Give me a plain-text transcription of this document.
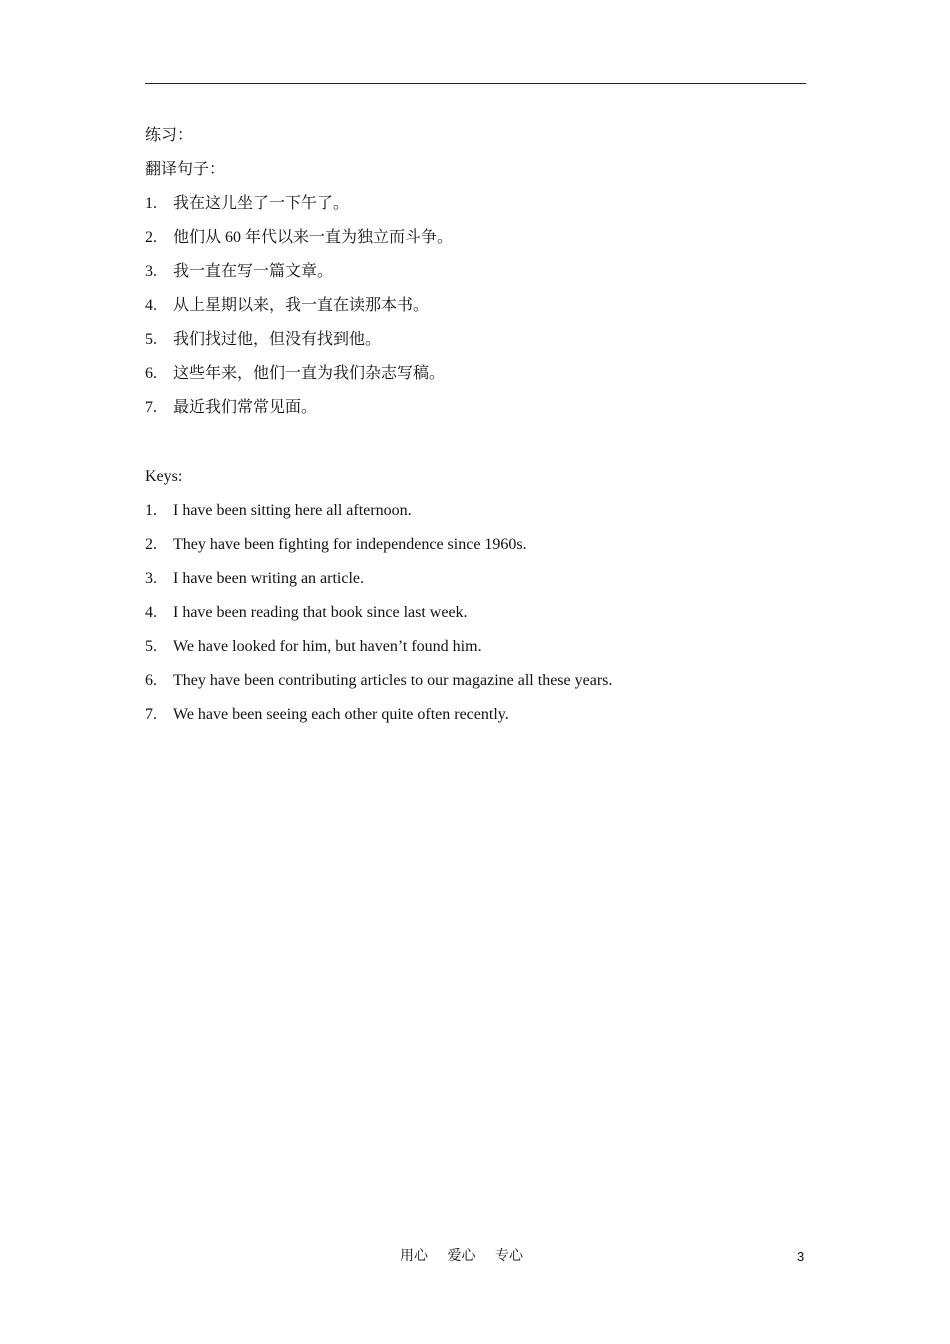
练习：
翻译句子：
1.	我在这儿坐了一下午了。
2.	他们从 60 年代以来一直为独立而斗争。
3.	我一直在写一篇文章。
4.	从上星期以来，我一直在读那本书。
5.	我们找过他，但没有找到他。
6.	这些年来，他们一直为我们杂志写稿。
7.	最近我们常常见面。
Keys:
1.	I have been sitting here all afternoon.
2.	They have been fighting for independence since 1960s.
3.	I have been writing an article.
4.	I have been reading that book since last week.
5.	We have looked for him, but haven’t found him.
6.	They have been contributing articles to our magazine all these years.
7.	We have been seeing each other quite often recently.
用心 爱心 专心	3
